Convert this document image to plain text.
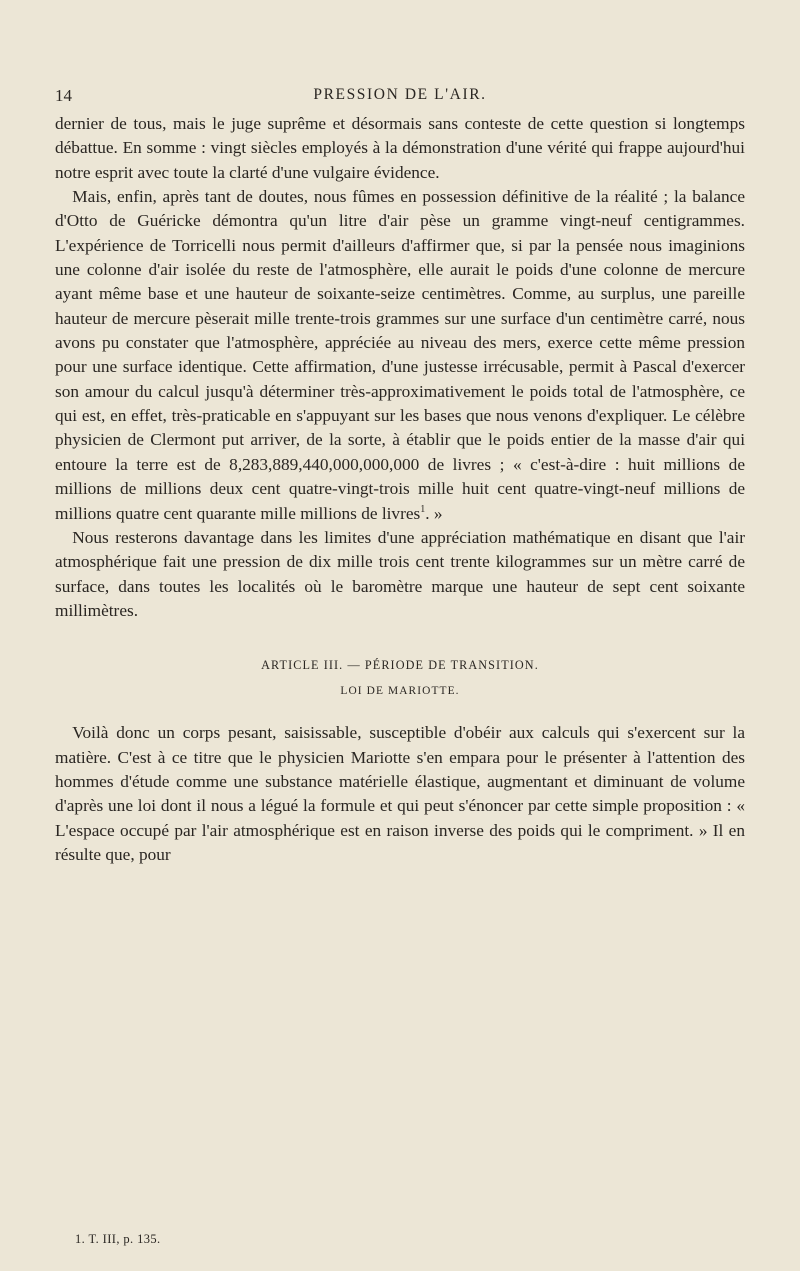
14	PRESSION DE L'AIR.

dernier de tous, mais le juge suprême et désormais sans conteste de cette question si longtemps débattue. En somme : vingt siècles employés à la démonstration d'une vérité qui frappe aujourd'hui notre esprit avec toute la clarté d'une vulgaire évidence.

 Mais, enfin, après tant de doutes, nous fûmes en possession définitive de la réalité ; la balance d'Otto de Guéricke démontra qu'un litre d'air pèse un gramme vingt-neuf centigrammes. L'expérience de Torricelli nous permit d'ailleurs d'affirmer que, si par la pensée nous imaginions une colonne d'air isolée du reste de l'atmosphère, elle aurait le poids d'une colonne de mercure ayant même base et une hauteur de soixante-seize centimètres. Comme, au surplus, une pareille hauteur de mercure pèserait mille trente-trois grammes sur une surface d'un centimètre carré, nous avons pu constater que l'atmosphère, appréciée au niveau des mers, exerce cette même pression pour une surface identique. Cette affirmation, d'une justesse irrécusable, permit à Pascal d'exercer son amour du calcul jusqu'à déterminer très-approximativement le poids total de l'atmosphère, ce qui est, en effet, très-praticable en s'appuyant sur les bases que nous venons d'expliquer. Le célèbre physicien de Clermont put arriver, de la sorte, à établir que le poids entier de la masse d'air qui entoure la terre est de 8,283,889,440,000,000,000 de livres ; « c'est-à-dire : huit millions de millions de millions deux cent quatre-vingt-trois mille huit cent quatre-vingt-neuf millions de millions quatre cent quarante mille millions de livres$^1$. »

 Nous resterons davantage dans les limites d'une appréciation mathématique en disant que l'air atmosphérique fait une pression de dix mille trois cent trente kilogrammes sur un mètre carré de surface, dans toutes les localités où le baromètre marque une hauteur de sept cent soixante millimètres.

ARTICLE III. — PÉRIODE DE TRANSITION.

LOI DE MARIOTTE.

 Voilà donc un corps pesant, saisissable, susceptible d'obéir aux calculs qui s'exercent sur la matière. C'est à ce titre que le physicien Mariotte s'en empara pour le présenter à l'attention des hommes d'étude comme une substance matérielle élastique, augmentant et diminuant de volume d'après une loi dont il nous a légué la formule et qui peut s'énoncer par cette simple proposition : « L'espace occupé par l'air atmosphérique est en raison inverse des poids qui le compriment. » Il en résulte que, pour

1. T. III, p. 135.
